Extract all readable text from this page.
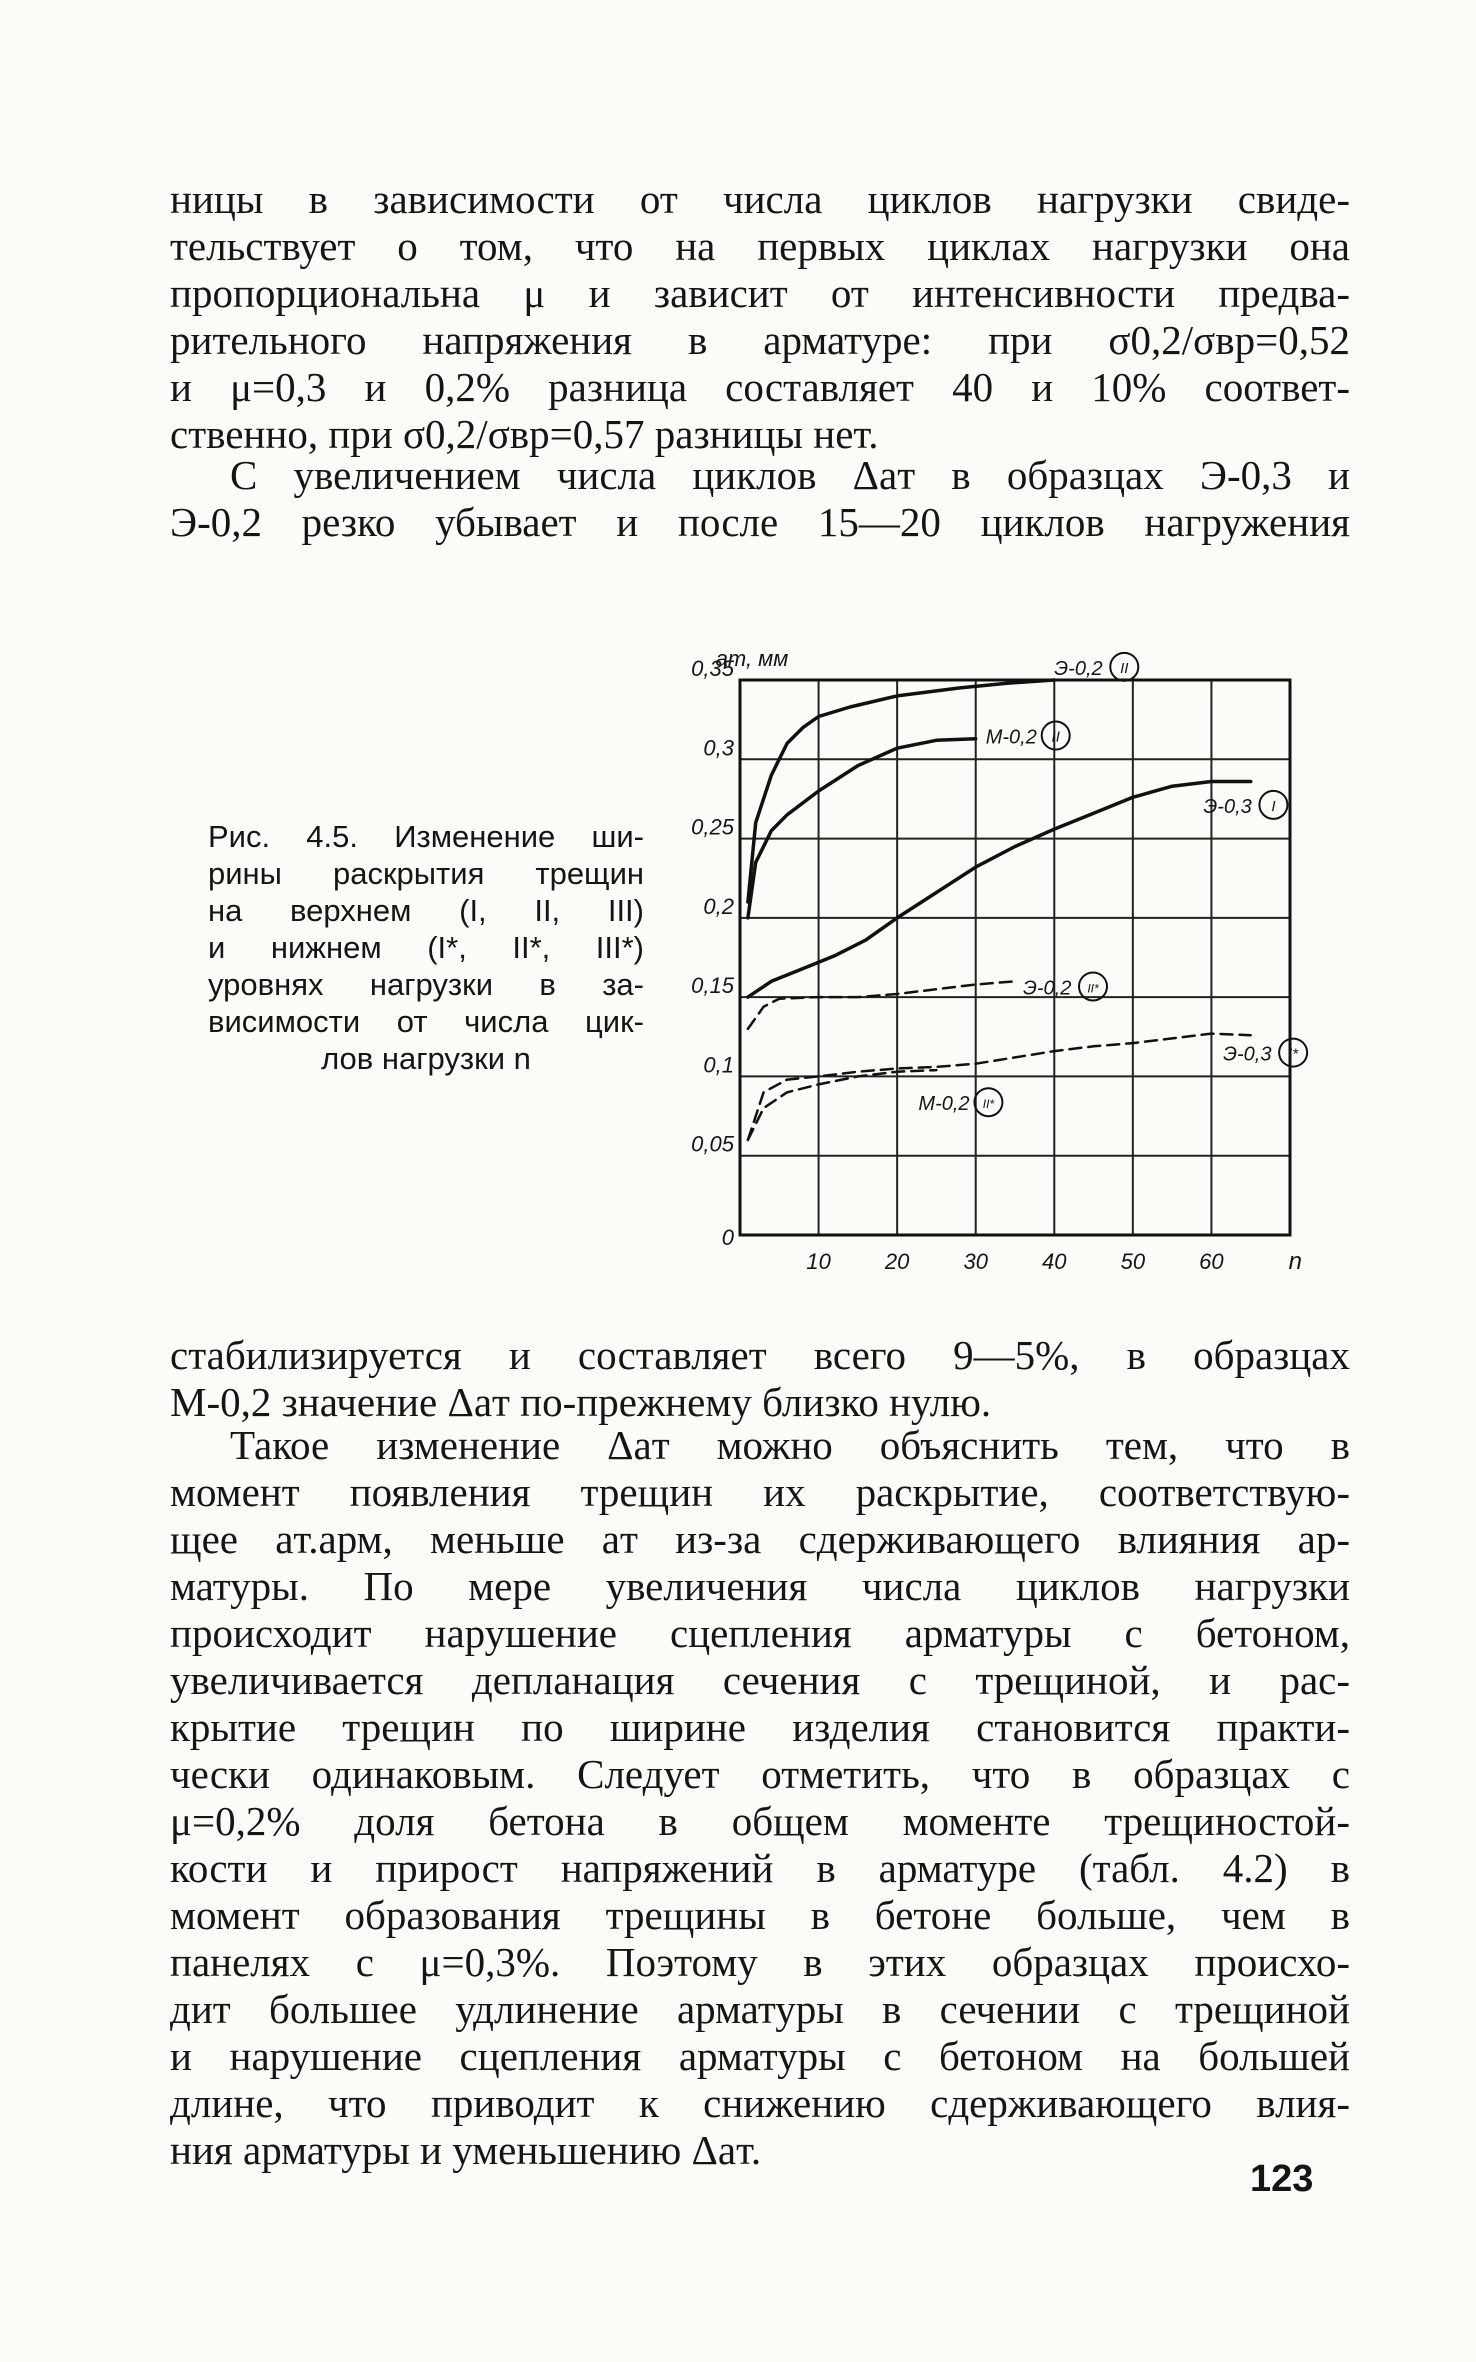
ницы в зависимости от числа циклов нагрузки свиде-
тельствует о том, что на первых циклах нагрузки она
пропорциональна μ и зависит от интенсивности предва-
рительного напряжения в арматуре: при σ0,2/σвр=0,52
и μ=0,3 и 0,2% разница составляет 40 и 10% соответ-
ственно, при σ0,2/σвр=0,57 разницы нет.
С увеличением числа циклов Δaт в образцах Э-0,3 и
Э-0,2 резко убывает и после 15—20 циклов нагружения
Рис. 4.5. Изменение ши-
рины раскрытия трещин
на верхнем (I, II, III)
и нижнем (I*, II*, III*)
уровнях нагрузки в за-
висимости от числа цик-
лов нагрузки n
0
0,05
0,1
0,15
0,2
0,25
0,3
0,35
10 20 30 40 50 60
aт, мм
n
Э-0,2 II
М-0,2 II
Э-0,3 I
Э-0,2 II*
Э-0,3 I*
М-0,2 II*
стабилизируется и составляет всего 9—5%, в образцах
М-0,2 значение Δaт по-прежнему близко нулю.
Такое изменение Δaт можно объяснить тем, что в
момент появления трещин их раскрытие, соответствую-
щее aт.арм, меньше aт из-за сдерживающего влияния ар-
матуры. По мере увеличения числа циклов нагрузки
происходит нарушение сцепления арматуры с бетоном,
увеличивается депланация сечения с трещиной, и рас-
крытие трещин по ширине изделия становится практи-
чески одинаковым. Следует отметить, что в образцах с
μ=0,2% доля бетона в общем моменте трещиностой-
кости и прирост напряжений в арматуре (табл. 4.2) в
момент образования трещины в бетоне больше, чем в
панелях с μ=0,3%. Поэтому в этих образцах происхо-
дит большее удлинение арматуры в сечении с трещиной
и нарушение сцепления арматуры с бетоном на большей
длине, что приводит к снижению сдерживающего влия-
ния арматуры и уменьшению Δaт.
123
